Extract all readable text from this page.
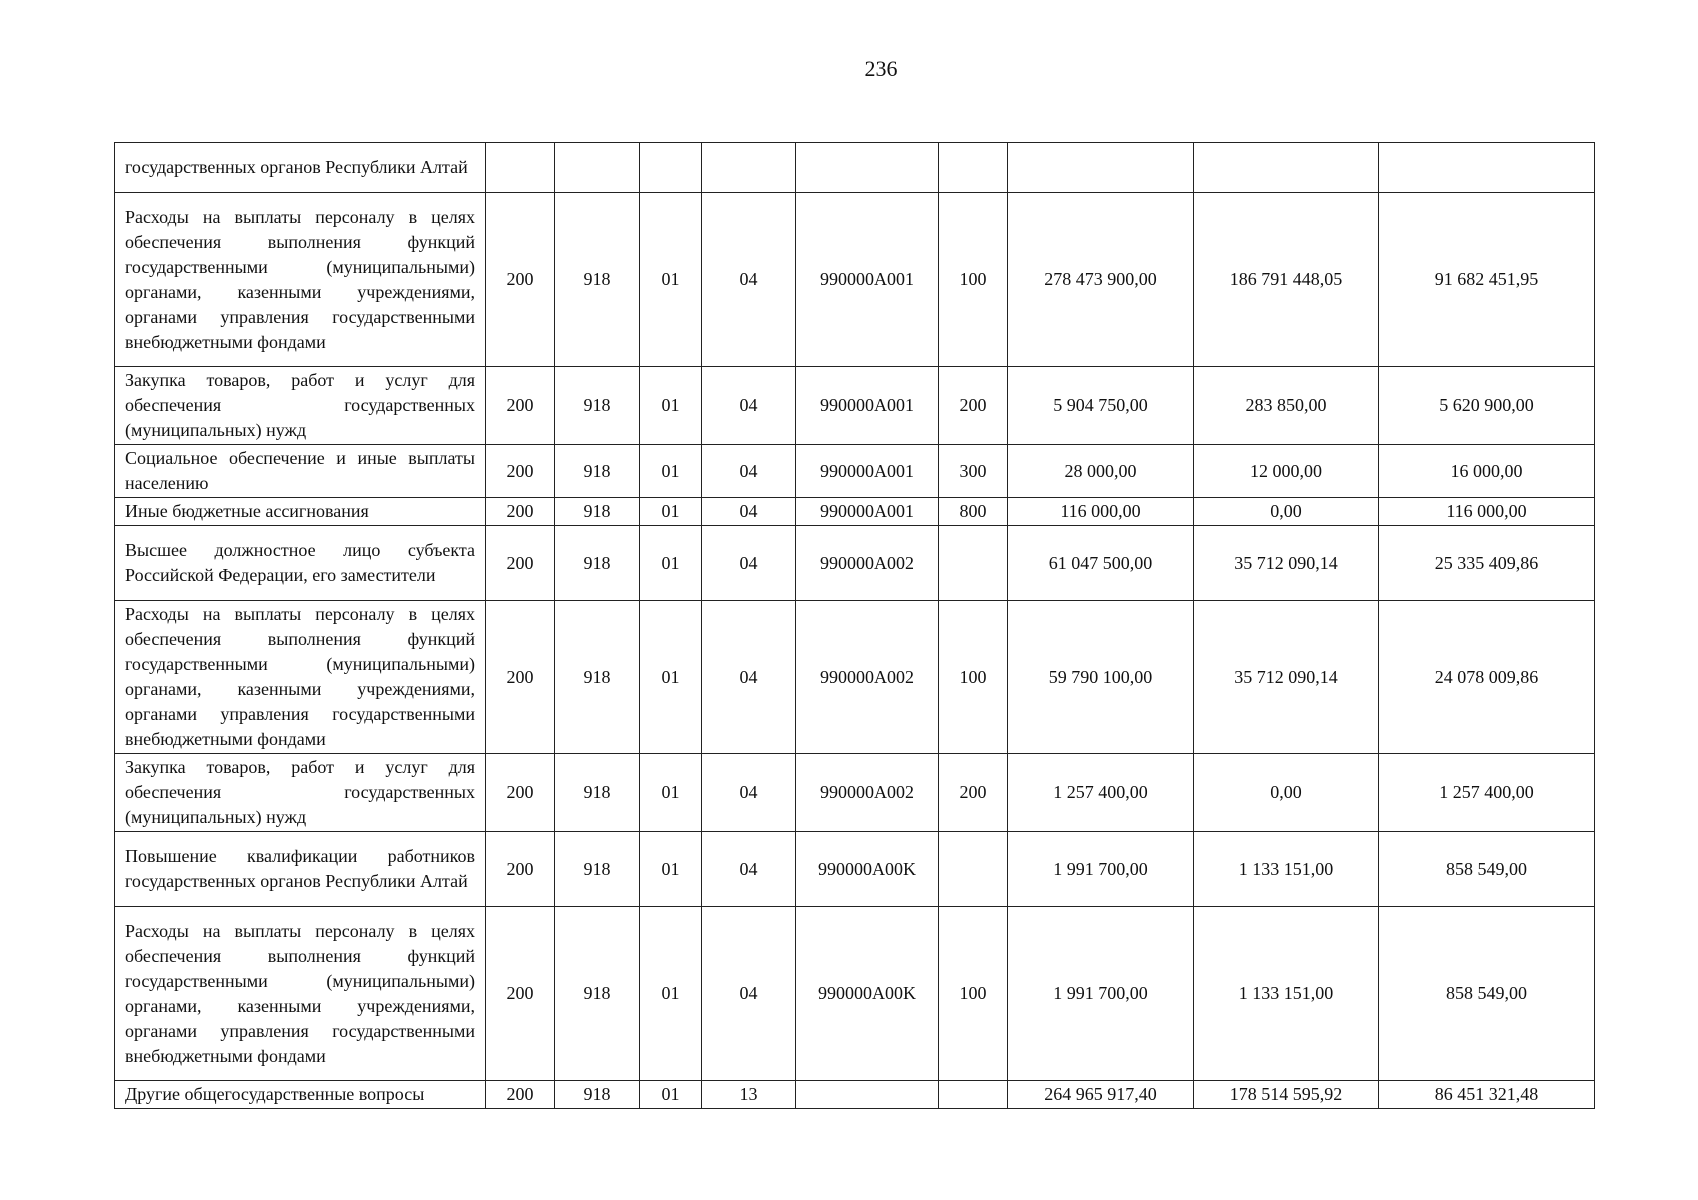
236
государственных органов Республики Алтай									
Расходы на выплаты персоналу в целях обеспечения выполнения функций государственными (муниципальными) органами, казенными учреждениями, органами управления государственными внебюджетными фондами	200	918	01	04	990000A001	100	278 473 900,00	186 791 448,05	91 682 451,95
Закупка товаров, работ и услуг для обеспечения государственных (муниципальных) нужд	200	918	01	04	990000A001	200	5 904 750,00	283 850,00	5 620 900,00
Социальное обеспечение и иные выплаты населению	200	918	01	04	990000A001	300	28 000,00	12 000,00	16 000,00
Иные бюджетные ассигнования	200	918	01	04	990000A001	800	116 000,00	0,00	116 000,00
Высшее должностное лицо субъекта Российской Федерации, его заместители	200	918	01	04	990000A002		61 047 500,00	35 712 090,14	25 335 409,86
Расходы на выплаты персоналу в целях обеспечения выполнения функций государственными (муниципальными) органами, казенными учреждениями, органами управления государственными внебюджетными фондами	200	918	01	04	990000A002	100	59 790 100,00	35 712 090,14	24 078 009,86
Закупка товаров, работ и услуг для обеспечения государственных (муниципальных) нужд	200	918	01	04	990000A002	200	1 257 400,00	0,00	1 257 400,00
Повышение квалификации работников государственных органов Республики Алтай	200	918	01	04	990000A00K		1 991 700,00	1 133 151,00	858 549,00
Расходы на выплаты персоналу в целях обеспечения выполнения функций государственными (муниципальными) органами, казенными учреждениями, органами управления государственными внебюджетными фондами	200	918	01	04	990000A00K	100	1 991 700,00	1 133 151,00	858 549,00
Другие общегосударственные вопросы	200	918	01	13			264 965 917,40	178 514 595,92	86 451 321,48
